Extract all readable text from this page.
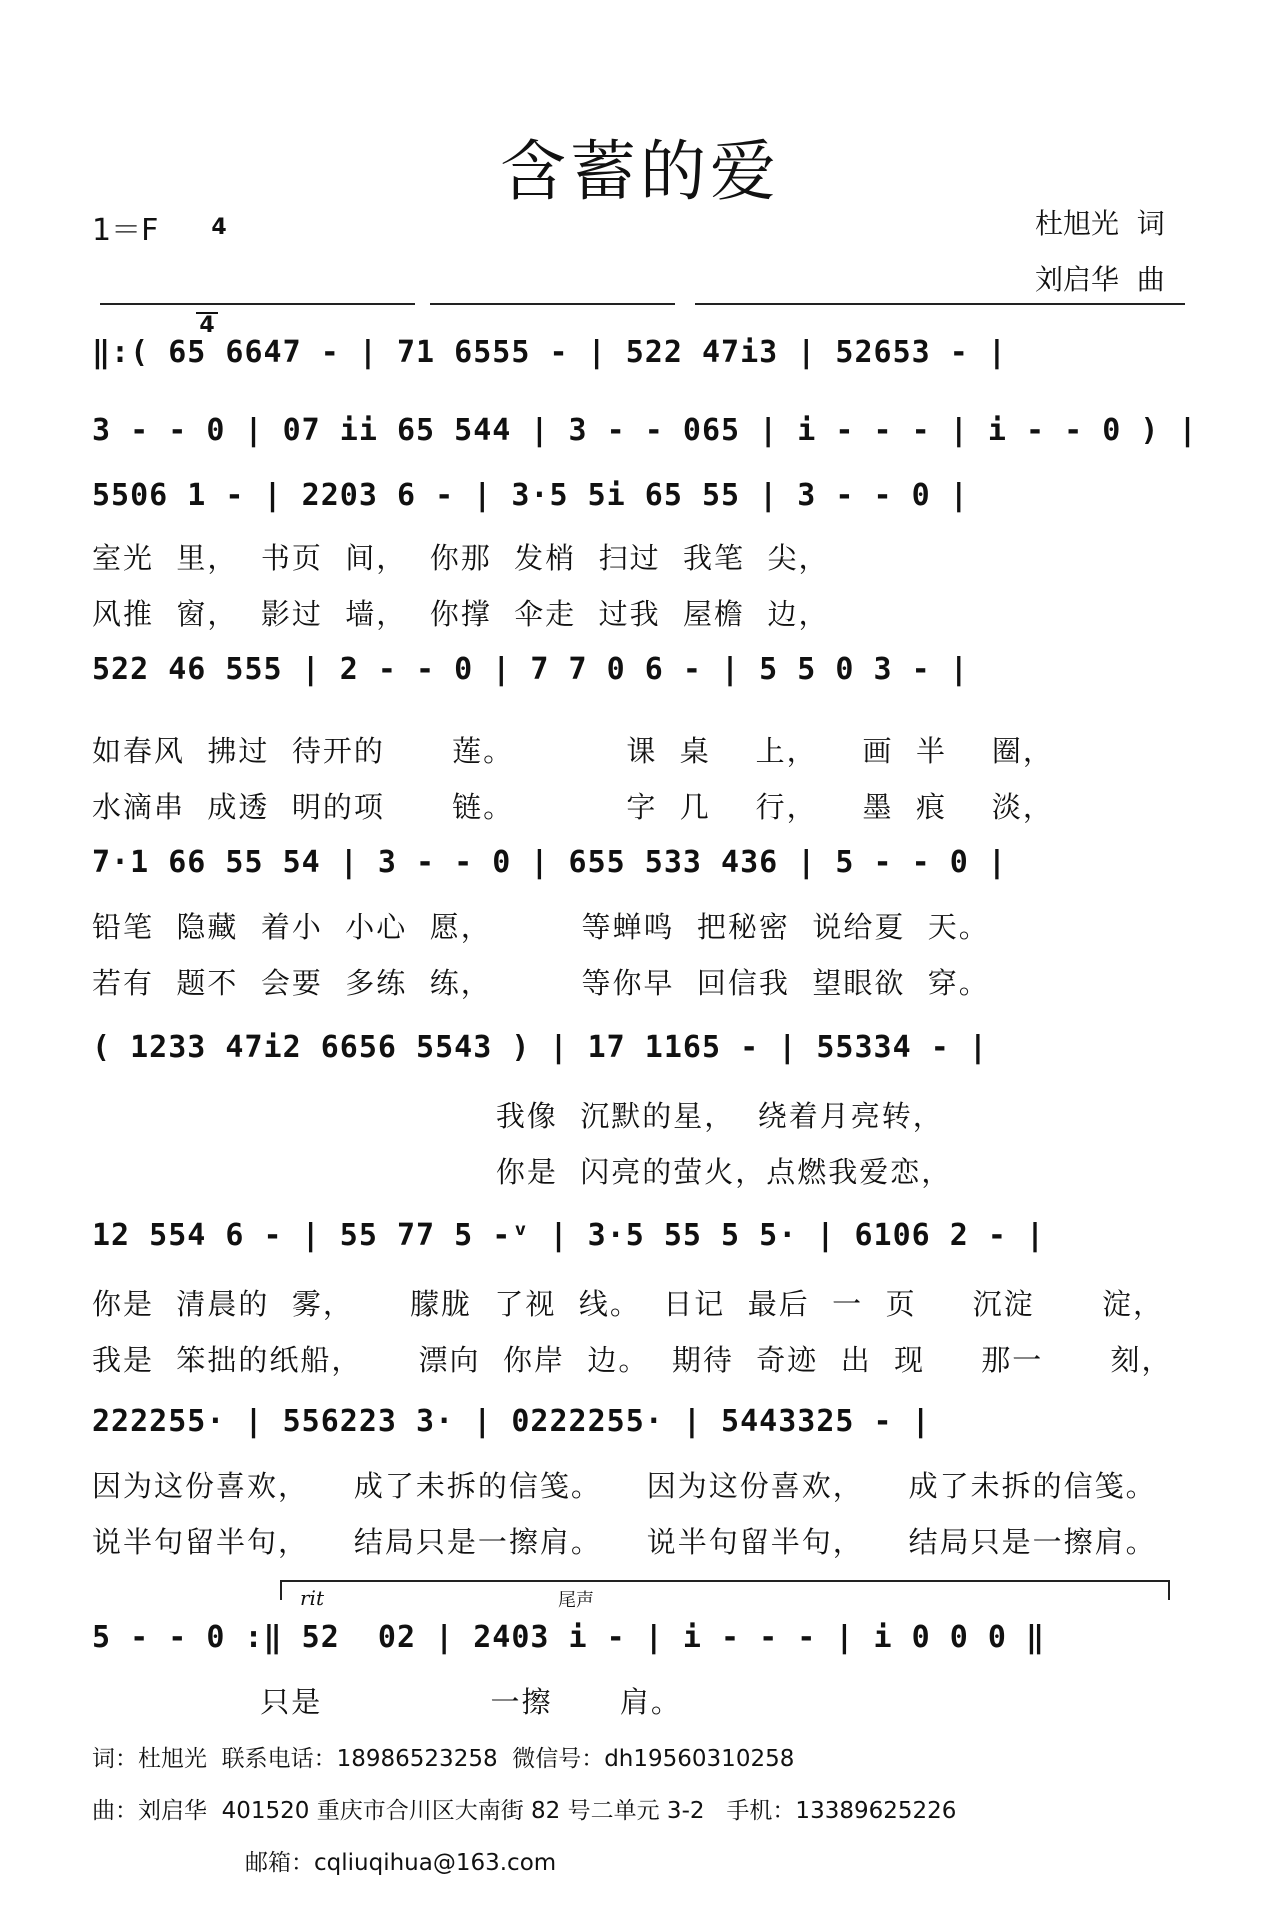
含蓄的爱
1＝F	4

4

杜旭光  词
刘启华  曲
‖:( 65 6647 - | 71 6555 - | 522 47i3 | 52653 - |
3 - - 0 | 07 ii 65 544 | 3 - - 065 | i - - - | i - - 0 ) |
5506 1 - | 2203 6 - | 3·5 5i 65 55 | 3 - - 0 |
室光  里，  书页  间，  你那  发梢  扫过  我笔  尖，
风推  窗，  影过  墙，  你撑  伞走  过我  屋檐  边，
522 46 555 | 2 - - 0 | 7 7 0 6 - | 5 5 0 3 - |
如春风  拂过  待开的      莲。          课  桌    上，    画  半    圈，
水滴串  成透  明的项      链。          字  几    行，    墨  痕    淡，
7·1 66 55 54 | 3 - - 0 | 655 533 436 | 5 - - 0 |
铅笔  隐藏  着小  小心  愿，        等蝉鸣  把秘密  说给夏  天。
若有  题不  会要  多练  练，        等你早  回信我  望眼欲  穿。
( 1233 47i2 6656 5543 ) | 17 1165 - | 55334 - |
我像  沉默的星，  绕着月亮转，
你是  闪亮的萤火，点燃我爱恋，
12 554 6 - | 55 77 5 -ᵛ | 3·5 55 5 5· | 6106 2 - |
你是  清晨的  雾，     朦胧  了视  线。  日记  最后  一  页     沉淀      淀，
我是  笨拙的纸船，     漂向  你岸  边。  期待  奇迹  出  现     那一      刻，
222255· | 556223 3· | 0222255· | 5443325 - |
因为这份喜欢，    成了未拆的信笺。    因为这份喜欢，    成了未拆的信笺。
说半句留半句，    结局只是一擦肩。    说半句留半句，    结局只是一擦肩。
rit	尾声
5 - - 0 :‖ 52  02 | 2403 i - | i - - - | i 0 0 0 ‖
只是               一擦      肩。
词：杜旭光  联系电话：18986523258  微信号：dh19560310258
曲：刘启华  401520 重庆市合川区大南街 82 号二单元 3-2   手机：13389625226
邮箱：cqliuqihua@163.com
